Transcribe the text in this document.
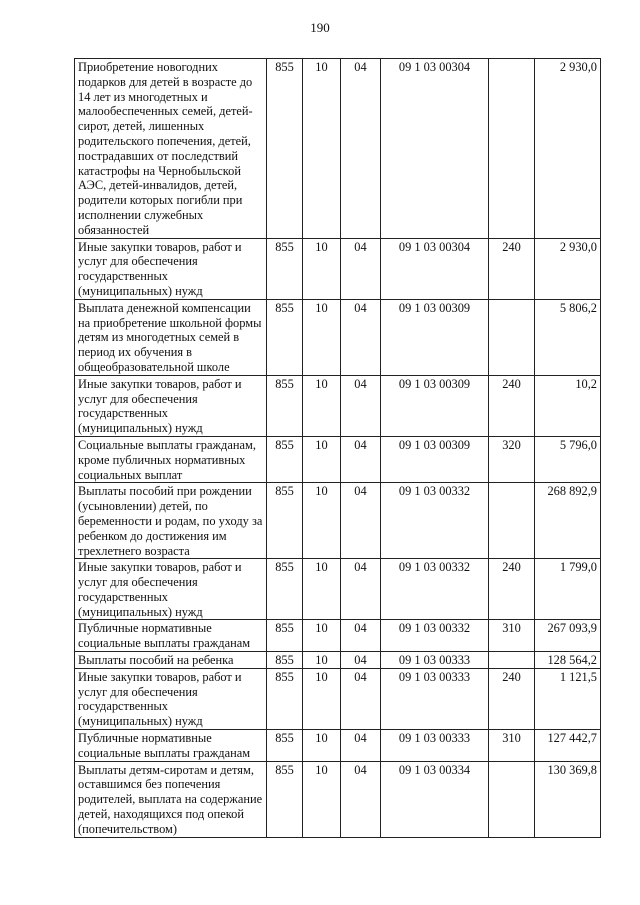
190
Приобретение новогодних подарков для детей в возрасте до 14 лет из многодетных и малообеспеченных семей, детей-сирот, детей, лишенных родительского попечения, детей, пострадавших от последствий катастрофы на Чернобыльской АЭС, детей-инвалидов, детей, родители которых погибли при исполнении служебных обязанностей	855	10	04	09 1 03 00304		2 930,0
Иные закупки товаров, работ и услуг для обеспечения государственных (муниципальных) нужд	855	10	04	09 1 03 00304	240	2 930,0
Выплата денежной компенсации на приобретение школьной формы детям из многодетных семей в период их обучения в общеобразовательной школе	855	10	04	09 1 03 00309		5 806,2
Иные закупки товаров, работ и услуг для обеспечения государственных (муниципальных) нужд	855	10	04	09 1 03 00309	240	10,2
Социальные выплаты гражданам, кроме публичных нормативных социальных выплат	855	10	04	09 1 03 00309	320	5 796,0
Выплаты пособий при рождении (усыновлении) детей, по беременности и родам, по уходу за ребенком до достижения им трехлетнего возраста	855	10	04	09 1 03 00332		268 892,9
Иные закупки товаров, работ и услуг для обеспечения государственных (муниципальных) нужд	855	10	04	09 1 03 00332	240	1 799,0
Публичные нормативные социальные выплаты гражданам	855	10	04	09 1 03 00332	310	267 093,9
Выплаты пособий на ребенка	855	10	04	09 1 03 00333		128 564,2
Иные закупки товаров, работ и услуг для обеспечения государственных (муниципальных) нужд	855	10	04	09 1 03 00333	240	1 121,5
Публичные нормативные социальные выплаты гражданам	855	10	04	09 1 03 00333	310	127 442,7
Выплаты детям-сиротам и детям, оставшимся без попечения родителей, выплата на содержание детей, находящихся под опекой (попечительством)	855	10	04	09 1 03 00334		130 369,8
